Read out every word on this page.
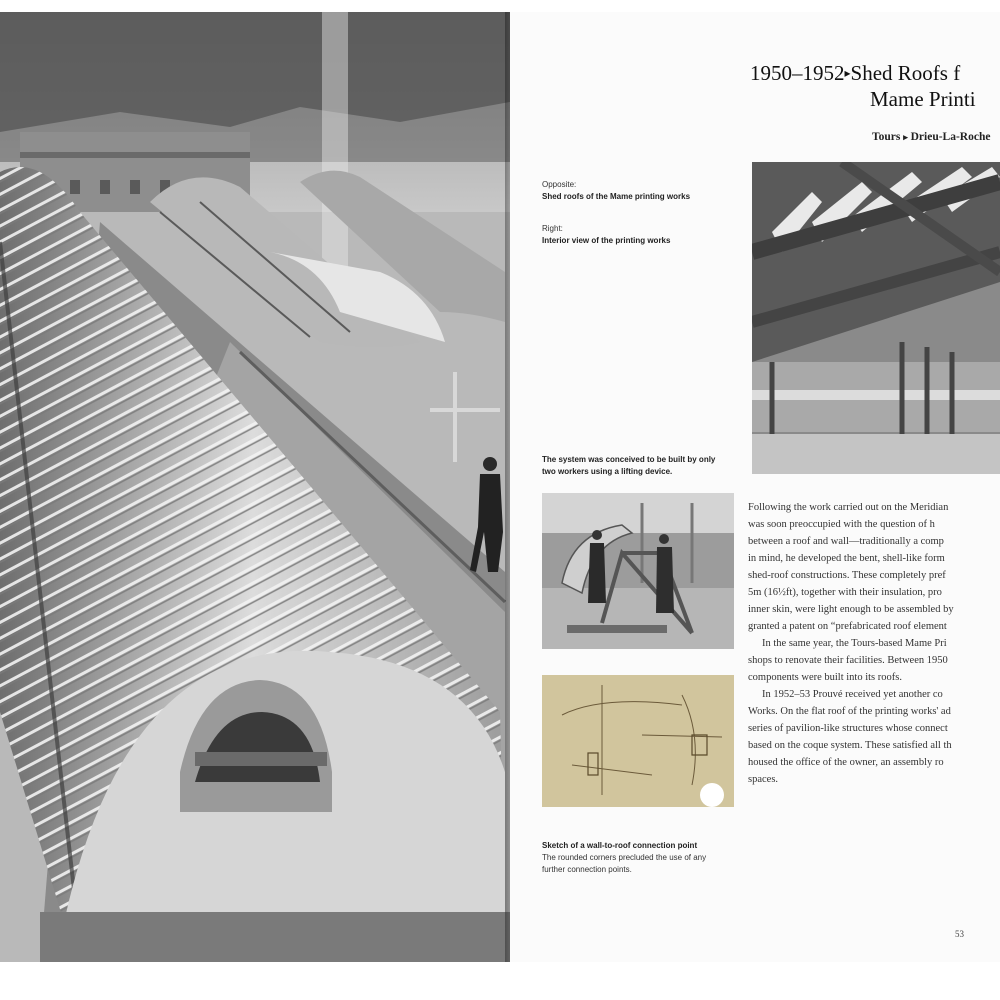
1950–1952▸Shed Roofs f
Mame Printi
Tours ▸ Drieu-La-Roche
Opposite:
Shed roofs of the Mame printing works
Right:
Interior view of the printing works
The system was conceived to be built by only
two workers using a lifting device.
Sketch of a wall-to-roof connection point
The rounded corners precluded the use of any
further connection points.

Following the work carried out on the Meridian
was soon preoccupied with the question of h
between a roof and wall—traditionally a comp
in mind, he developed the bent, shell-like form
shed-roof constructions. These completely pref
5m (16½ft), together with their insulation, pro
inner skin, were light enough to be assembled by
granted a patent on “prefabricated roof element

In the same year, the Tours-based Mame Pri
shops to renovate their facilities. Between 1950
components were built into its roofs.

In 1952–53 Prouvé received yet another co
Works. On the flat roof of the printing works' ad
series of pavilion-like structures whose connect
based on the coque system. These satisfied all th
housed the office of the owner, an assembly ro
spaces.

53
